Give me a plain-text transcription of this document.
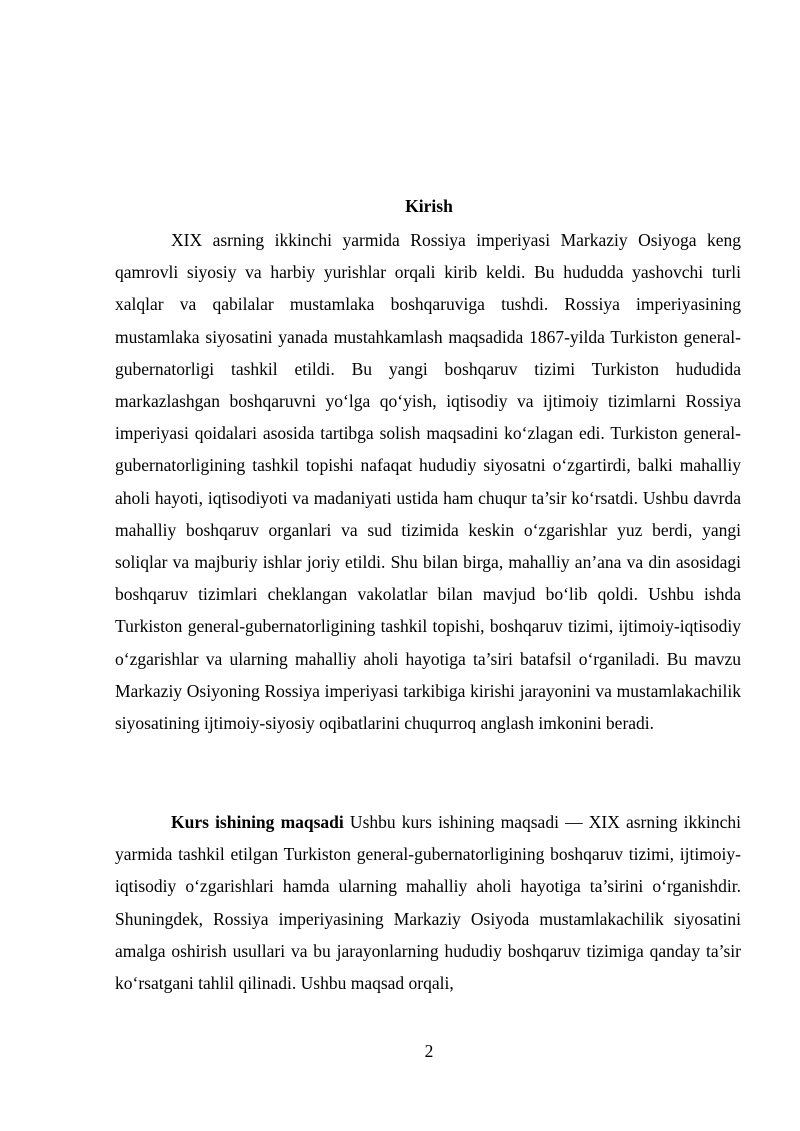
Kirish

XIX asrning ikkinchi yarmida Rossiya imperiyasi Markaziy Osiyoga keng qamrovli siyosiy va harbiy yurishlar orqali kirib keldi. Bu hududda yashovchi turli xalqlar va qabilalar mustamlaka boshqaruviga tushdi. Rossiya imperiyasining mustamlaka siyosatini yanada mustahkamlash maqsadida 1867-yilda Turkiston general-gubernatorligi tashkil etildi. Bu yangi boshqaruv tizimi Turkiston hududida markazlashgan boshqaruvni yo‘lga qo‘yish, iqtisodiy va ijtimoiy tizimlarni Rossiya imperiyasi qoidalari asosida tartibga solish maqsadini ko‘zlagan edi. Turkiston general-gubernatorligining tashkil topishi nafaqat hududiy siyosatni o‘zgartirdi, balki mahalliy aholi hayoti, iqtisodiyoti va madaniyati ustida ham chuqur ta’sir ko‘rsatdi. Ushbu davrda mahalliy boshqaruv organlari va sud tizimida keskin o‘zgarishlar yuz berdi, yangi soliqlar va majburiy ishlar joriy etildi. Shu bilan birga, mahalliy an’ana va din asosidagi boshqaruv tizimlari cheklangan vakolatlar bilan mavjud bo‘lib qoldi. Ushbu ishda Turkiston general-gubernatorligining tashkil topishi, boshqaruv tizimi, ijtimoiy-iqtisodiy o‘zgarishlar va ularning mahalliy aholi hayotiga ta’siri batafsil o‘rganiladi. Bu mavzu Markaziy Osiyoning Rossiya imperiyasi tarkibiga kirishi jarayonini va mustamlakachilik siyosatining ijtimoiy-siyosiy oqibatlarini chuqurroq anglash imkonini beradi.

Kurs ishining maqsadi Ushbu kurs ishining maqsadi — XIX asrning ikkinchi yarmida tashkil etilgan Turkiston general-gubernatorligining boshqaruv tizimi, ijtimoiy-iqtisodiy o‘zgarishlari hamda ularning mahalliy aholi hayotiga ta’sirini o‘rganishdir. Shuningdek, Rossiya imperiyasining Markaziy Osiyoda mustamlakachilik siyosatini amalga oshirish usullari va bu jarayonlarning hududiy boshqaruv tizimiga qanday ta’sir ko‘rsatgani tahlil qilinadi. Ushbu maqsad orqali,

2
